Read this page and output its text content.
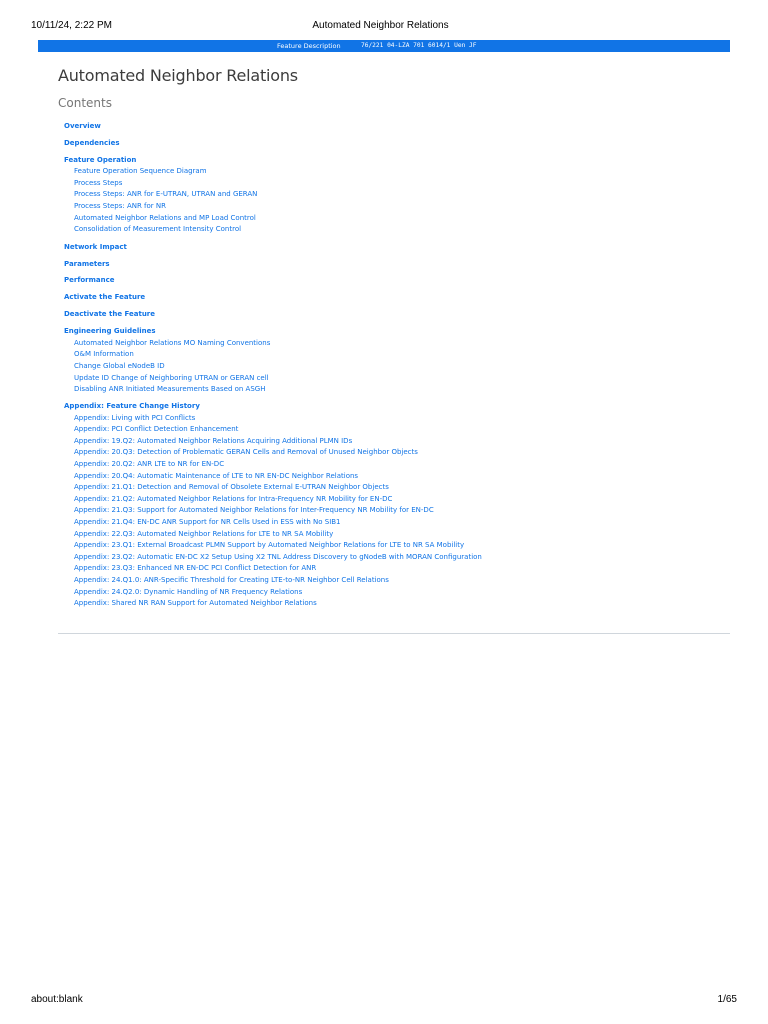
10/11/24, 2:22 PM	Automated Neighbor Relations
Feature Description	76/221 04-LZA 701 6014/1 Uen JF
Automated Neighbor Relations
Contents
Overview
Dependencies
Feature Operation
Feature Operation Sequence Diagram
Process Steps
Process Steps: ANR for E-UTRAN, UTRAN and GERAN
Process Steps: ANR for NR
Automated Neighbor Relations and MP Load Control
Consolidation of Measurement Intensity Control
Network Impact
Parameters
Performance
Activate the Feature
Deactivate the Feature
Engineering Guidelines
Automated Neighbor Relations MO Naming Conventions
O&M Information
Change Global eNodeB ID
Update ID Change of Neighboring UTRAN or GERAN cell
Disabling ANR Initiated Measurements Based on ASGH
Appendix: Feature Change History
Appendix: Living with PCI Conflicts
Appendix: PCI Conflict Detection Enhancement
Appendix: 19.Q2: Automated Neighbor Relations Acquiring Additional PLMN IDs
Appendix: 20.Q3: Detection of Problematic GERAN Cells and Removal of Unused Neighbor Objects
Appendix: 20.Q2: ANR LTE to NR for EN-DC
Appendix: 20.Q4: Automatic Maintenance of LTE to NR EN-DC Neighbor Relations
Appendix: 21.Q1: Detection and Removal of Obsolete External E-UTRAN Neighbor Objects
Appendix: 21.Q2: Automated Neighbor Relations for Intra-Frequency NR Mobility for EN-DC
Appendix: 21.Q3: Support for Automated Neighbor Relations for Inter-Frequency NR Mobility for EN-DC
Appendix: 21.Q4: EN-DC ANR Support for NR Cells Used in ESS with No SIB1
Appendix: 22.Q3: Automated Neighbor Relations for LTE to NR SA Mobility
Appendix: 23.Q1: External Broadcast PLMN Support by Automated Neighbor Relations for LTE to NR SA Mobility
Appendix: 23.Q2: Automatic EN-DC X2 Setup Using X2 TNL Address Discovery to gNodeB with MORAN Configuration
Appendix: 23.Q3: Enhanced NR EN-DC PCI Conflict Detection for ANR
Appendix: 24.Q1.0: ANR-Specific Threshold for Creating LTE-to-NR Neighbor Cell Relations
Appendix: 24.Q2.0: Dynamic Handling of NR Frequency Relations
Appendix: Shared NR RAN Support for Automated Neighbor Relations
about:blank	1/65
